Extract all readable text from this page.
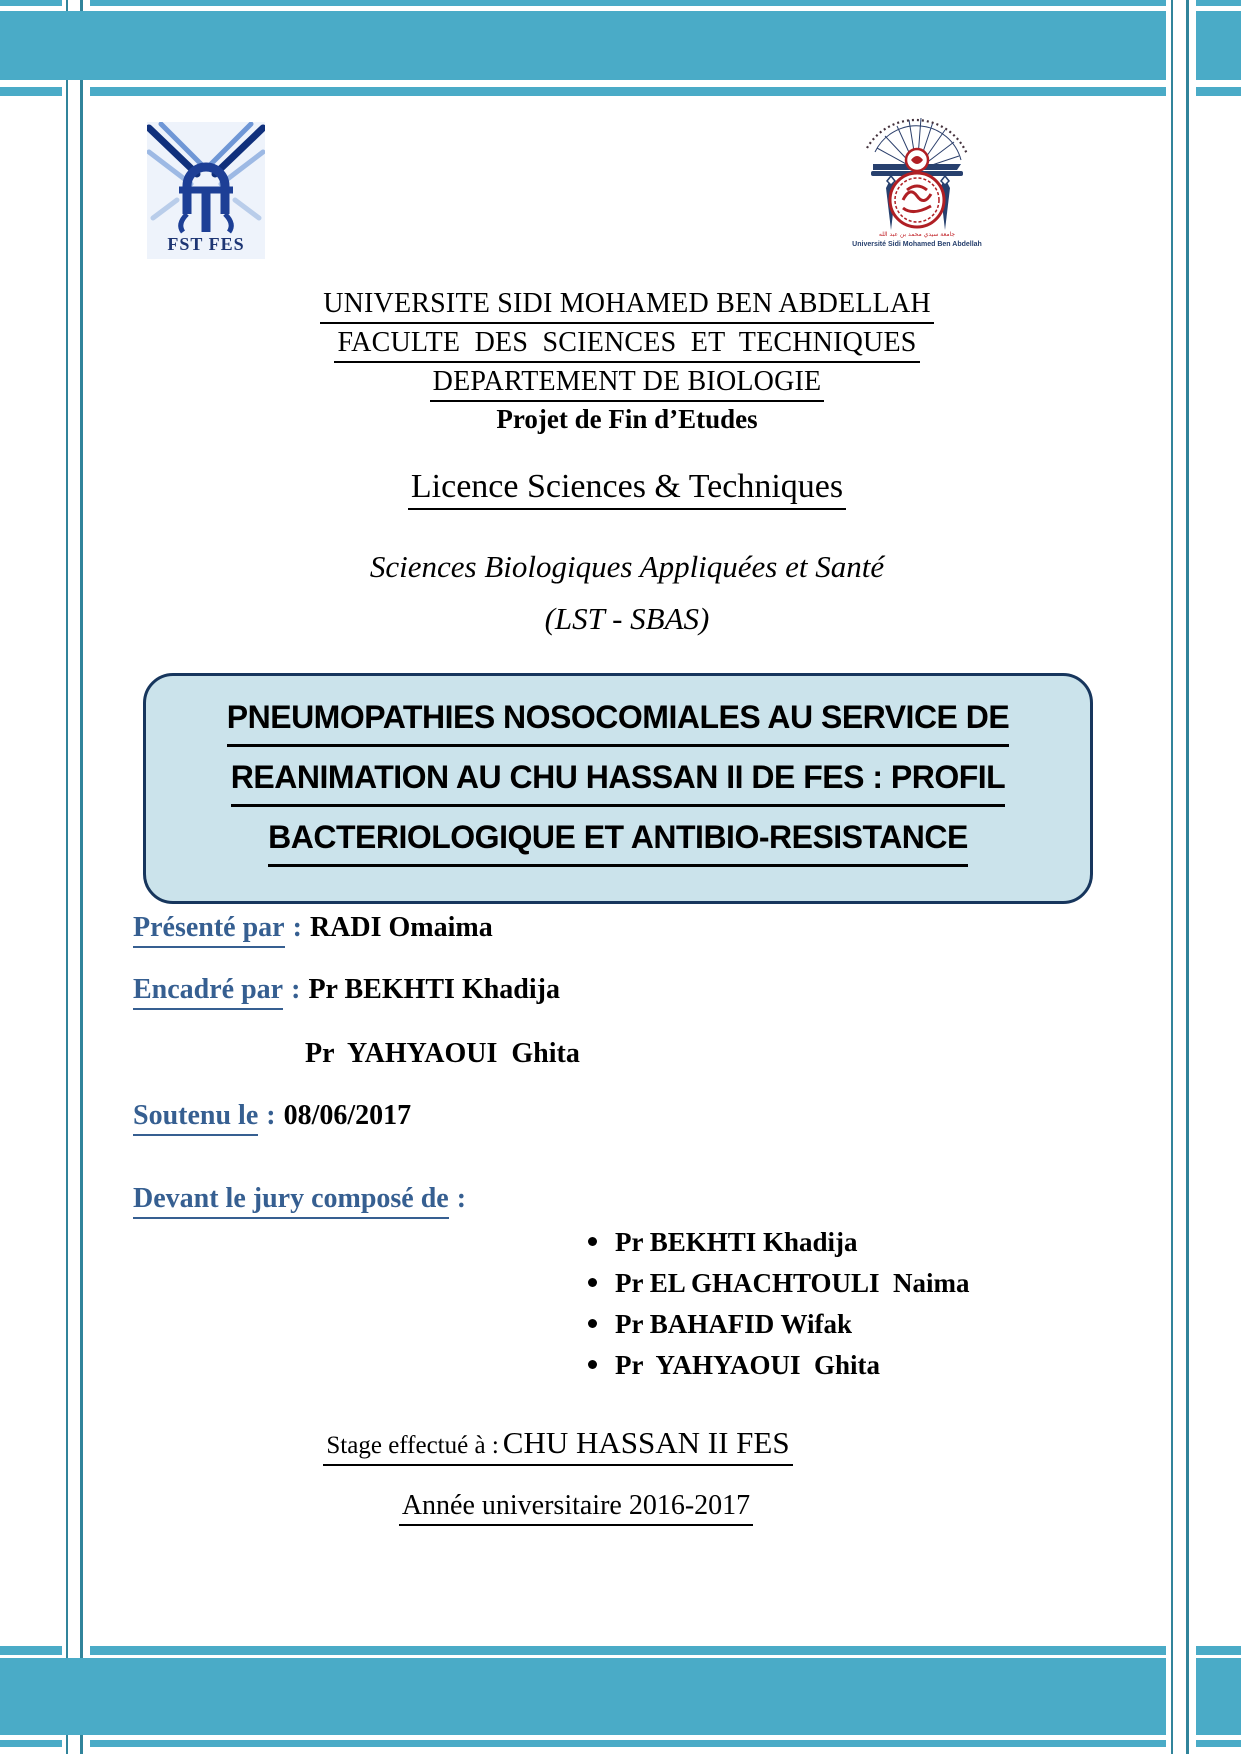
FST FES	جامعة سيدي محمد بن عبد الله
Université Sidi Mohamed Ben Abdellah
UNIVERSITE SIDI MOHAMED BEN ABDELLAH
FACULTE  DES  SCIENCES  ET  TECHNIQUES
DEPARTEMENT DE BIOLOGIE
Projet de Fin d’Etudes
Licence Sciences & Techniques
Sciences Biologiques Appliquées et Santé
(LST - SBAS)
PNEUMOPATHIES NOSOCOMIALES AU SERVICE DE
REANIMATION AU CHU HASSAN II DE FES : PROFIL
BACTERIOLOGIQUE ET ANTIBIO-RESISTANCE
Présenté par : RADI Omaima
Encadré par : Pr BEKHTI Khadija
Pr  YAHYAOUI  Ghita
Soutenu le : 08/06/2017
Devant le jury composé de :
Pr BEKHTI Khadija
Pr EL GHACHTOULI  Naima
Pr BAHAFID Wifak
Pr  YAHYAOUI  Ghita
Stage effectué à : CHU HASSAN II FES
Année universitaire 2016-2017
